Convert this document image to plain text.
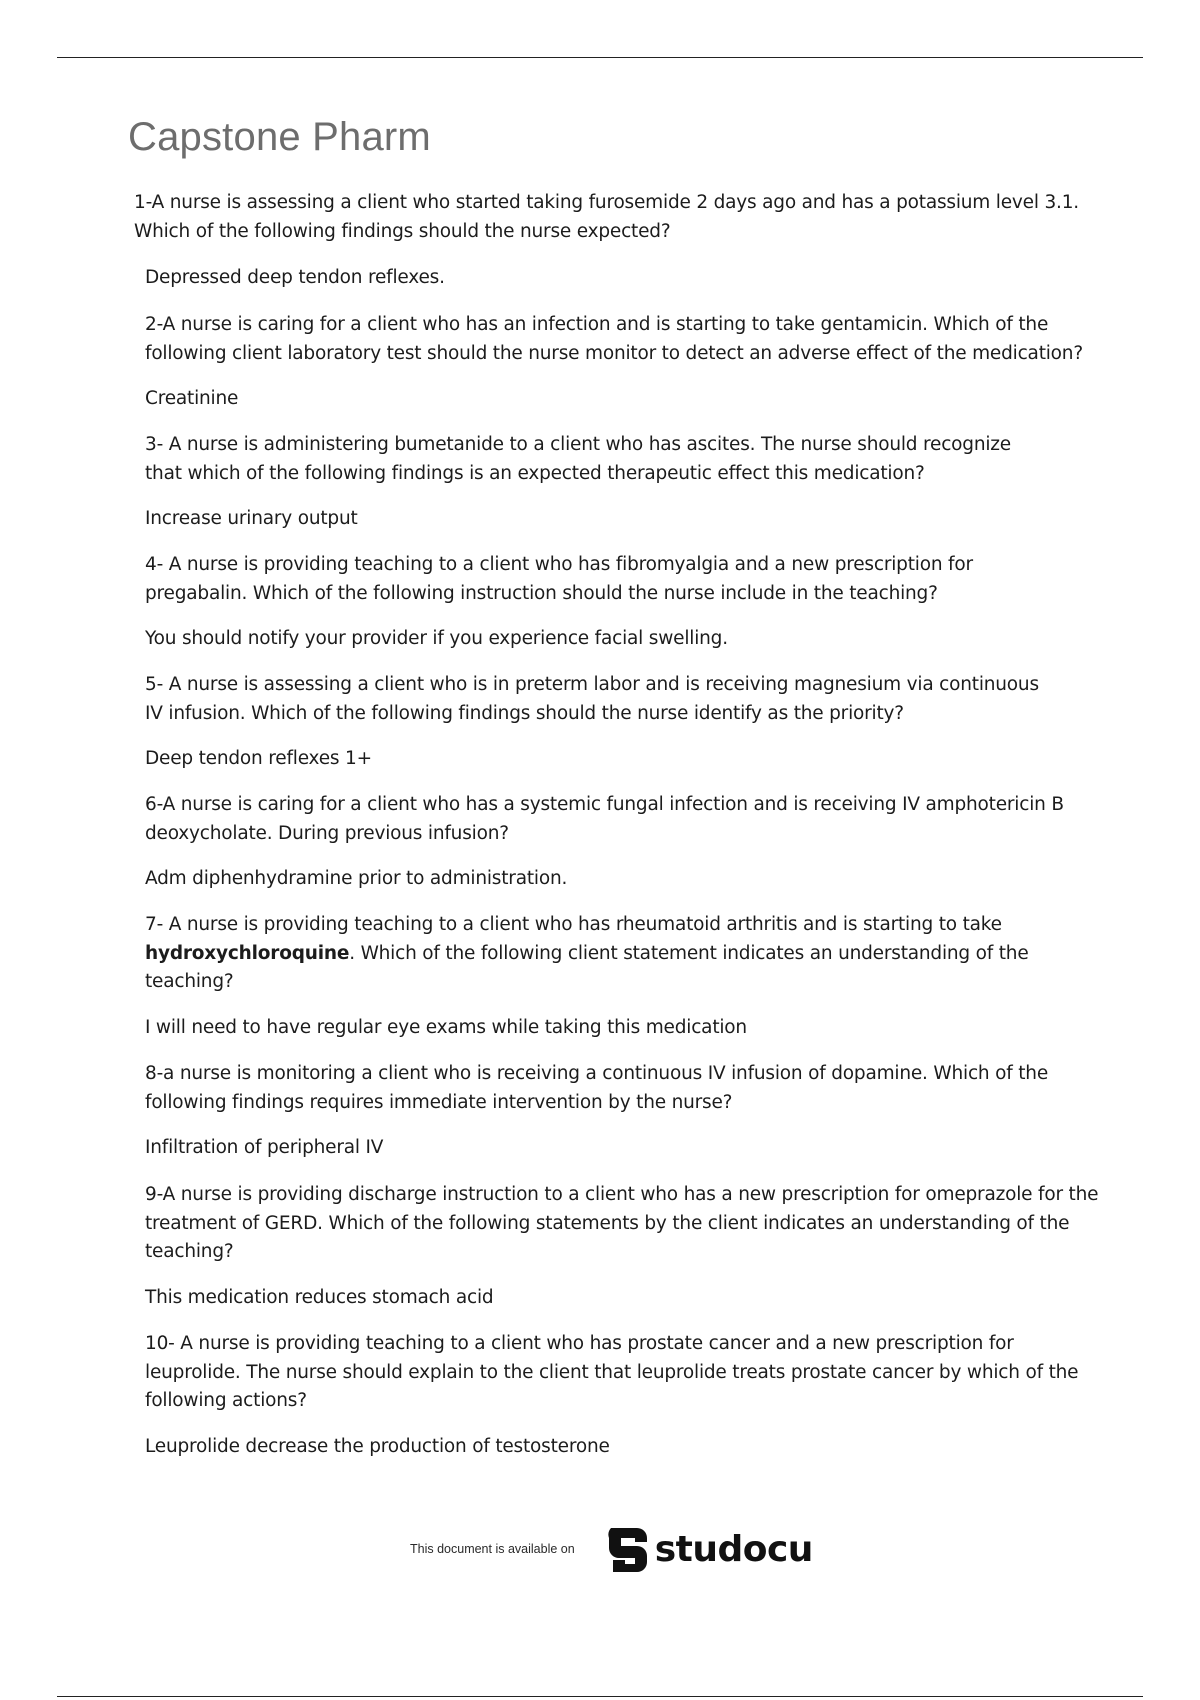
Capstone Pharm

1-A nurse is assessing a client who started taking furosemide 2 days ago and has a potassium level 3.1.
Which of the following findings should the nurse expected?

Depressed deep tendon reflexes.

2-A nurse is caring for a client who has an infection and is starting to take gentamicin. Which of the
following client laboratory test should the nurse monitor to detect an adverse effect of the medication?

Creatinine

3- A nurse is administering bumetanide to a client who has ascites. The nurse should recognize
that which of the following findings is an expected therapeutic effect this medication?

Increase urinary output

4- A nurse is providing teaching to a client who has fibromyalgia and a new prescription for
pregabalin. Which of the following instruction should the nurse include in the teaching?

You should notify your provider if you experience facial swelling.

5- A nurse is assessing a client who is in preterm labor and is receiving magnesium via continuous
IV infusion. Which of the following findings should the nurse identify as the priority?

Deep tendon reflexes 1+

6-A nurse is caring for a client who has a systemic fungal infection and is receiving IV amphotericin B
deoxycholate. During previous infusion?

Adm diphenhydramine prior to administration.

7- A nurse is providing teaching to a client who has rheumatoid arthritis and is starting to take
hydroxychloroquine. Which of the following client statement indicates an understanding of the
teaching?

I will need to have regular eye exams while taking this medication

8-a nurse is monitoring a client who is receiving a continuous IV infusion of dopamine. Which of the
following findings requires immediate intervention by the nurse?

Infiltration of peripheral IV

9-A nurse is providing discharge instruction to a client who has a new prescription for omeprazole for the
treatment of GERD. Which of the following statements by the client indicates an understanding of the
teaching?

This medication reduces stomach acid

10- A nurse is providing teaching to a client who has prostate cancer and a new prescription for
leuprolide. The nurse should explain to the client that leuprolide treats prostate cancer by which of the
following actions?

Leuprolide decrease the production of testosterone

This document is available on studocu
